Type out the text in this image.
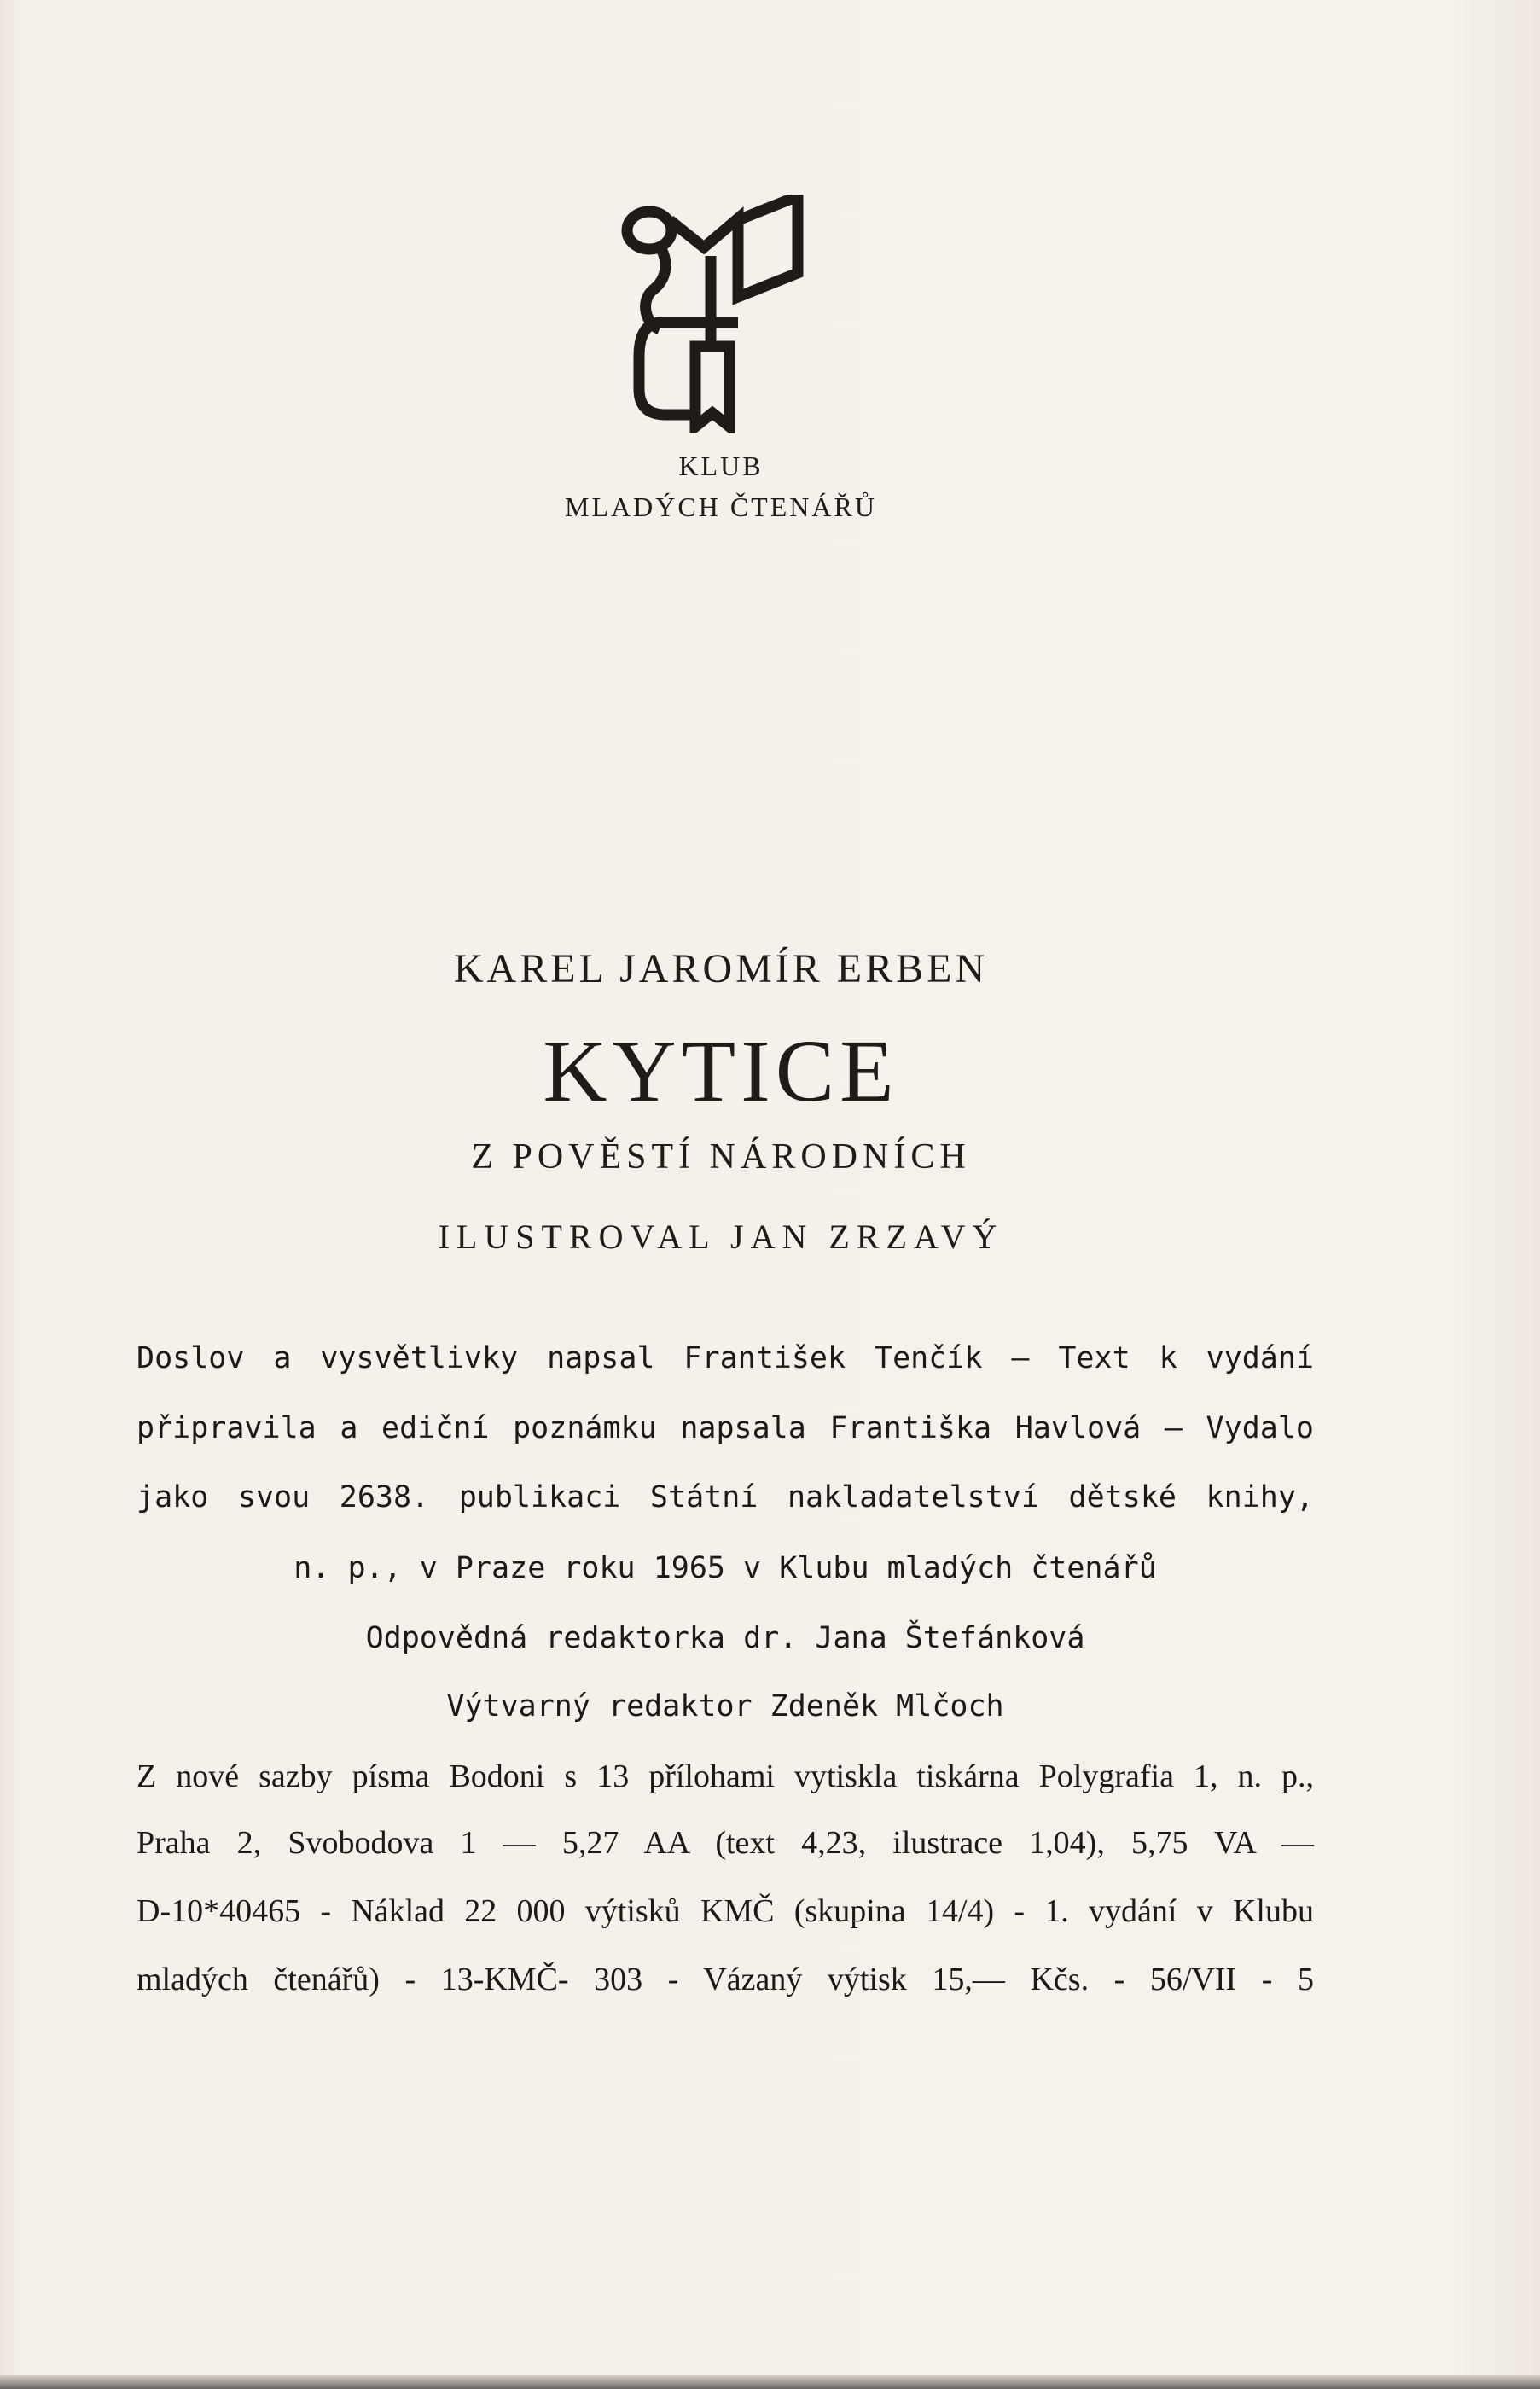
KLUB
MLADÝCH ČTENÁŘŮ
KAREL JAROMÍR ERBEN
KYTICE
Z POVĚSTÍ NÁRODNÍCH
ILUSTROVAL JAN ZRZAVÝ
Doslov a vysvětlivky napsal František Tenčík – Text k vydání
připravila a ediční poznámku napsala Františka Havlová – Vydalo
jako svou 2638. publikaci Státní nakladatelství dětské knihy,
n. p., v Praze roku 1965 v Klubu mladých čtenářů
Odpovědná redaktorka dr. Jana Štefánková
Výtvarný redaktor Zdeněk Mlčoch
Z nové sazby písma Bodoni s 13 přílohami vytiskla tiskárna Polygrafia 1, n. p.,
Praha 2, Svobodova 1 — 5,27 AA (text 4,23, ilustrace 1,04), 5,75 VA —
D-10*40465 - Náklad 22 000 výtisků KMČ (skupina 14/4) - 1. vydání v Klubu
mladých čtenářů) - 13-KMČ- 303 - Vázaný výtisk 15,— Kčs. - 56/VII - 5
